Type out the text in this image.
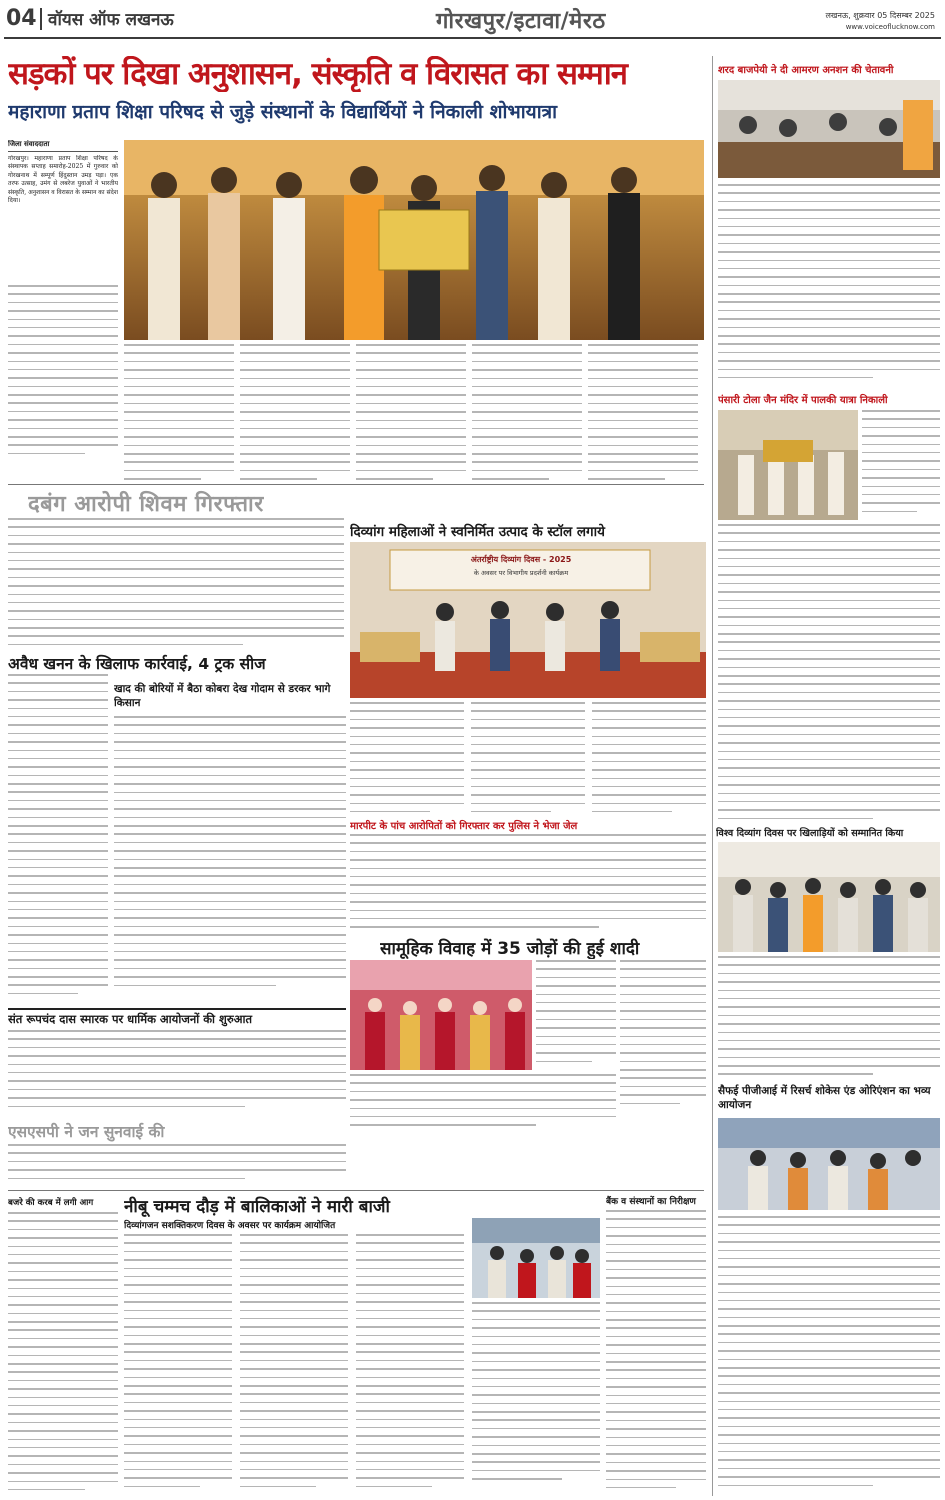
04 वॉयस ऑफ लखनऊ	गोरखपुर/इटावा/मेरठ	लखनऊ, शुक्रवार 05 दिसम्बर 2025
www.voiceoflucknow.com
सड़कों पर दिखा अनुशासन, संस्कृति व विरासत का सम्मान
महाराणा प्रताप शिक्षा परिषद से जुड़े संस्थानों के विद्यार्थियों ने निकाली शोभायात्रा
जिला संवाददाता
गोरखपुर। महाराणा प्रताप शिक्षा परिषद के संस्थापक सप्ताह समारोह-2025 में गुरुवार को गोरखनाथ में सम्पूर्ण हिंदुस्तान उमड़ पड़ा। एक तरफ उत्साह, उमंग से लबरेज युवाओं ने भारतीय संस्कृति, अनुशासन व विरासत के सम्मान का संदेश दिया।
शरद बाजपेयी ने दी आमरण अनशन की चेतावनी
पंसारी टोला जैन मंदिर में पालकी यात्रा निकाली
विश्व दिव्यांग दिवस पर खिलाड़ियों को सम्मानित किया
सैफई पीजीआई में रिसर्च शोकेस एंड ओरिएंशन का भव्य आयोजन
दबंग आरोपी शिवम गिरफ्तार
दिव्यांग महिलाओं ने स्वनिर्मित उत्पाद के स्टॉल लगाये
अंतर्राष्ट्रीय दिव्यांग दिवस - 2025
के अवसर पर विभागीय प्रदर्शनी कार्यक्रम
अवैध खनन के खिलाफ कार्रवाई, 4 ट्रक सीज
खाद की बोरियों में बैठा कोबरा देख गोदाम से डरकर भागे किसान
मारपीट के पांच आरोपितों को गिरफ्तार कर पुलिस ने भेजा जेल
सामूहिक विवाह में 35 जोड़ों की हुई शादी
संत रूपचंद दास स्मारक पर धार्मिक आयोजनों की शुरुआत
एसएसपी ने जन सुनवाई की
बजरे की करब में लगी आग	नीबू चम्मच दौड़ में बालिकाओं ने मारी बाजी
दिव्यांगजन सशक्तिकरण दिवस के अवसर पर कार्यक्रम आयोजित
बैंक व संस्थानों का निरीक्षण
